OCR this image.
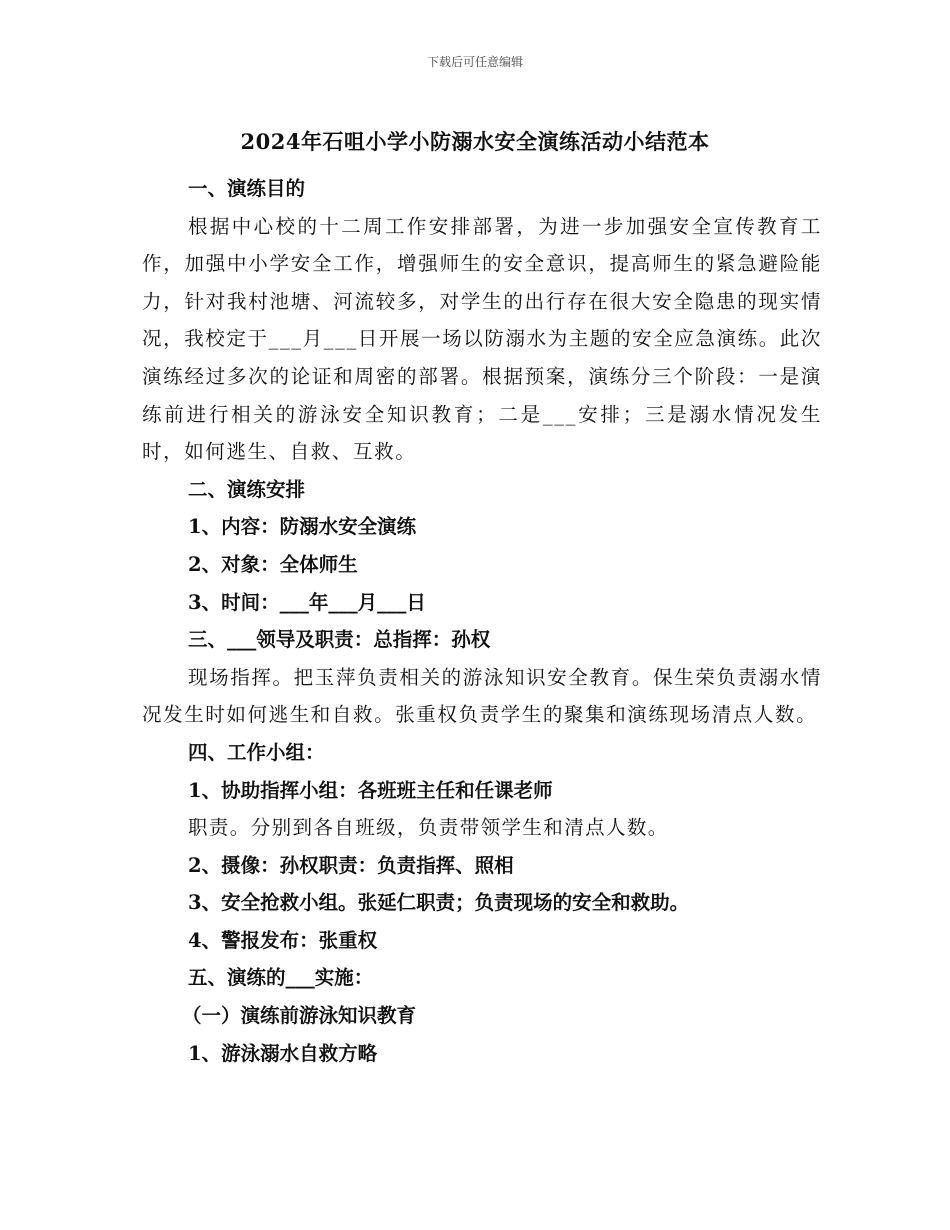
下载后可任意编辑
2024年石咀小学小防溺水安全演练活动小结范本

一、演练目的

根据中心校的十二周工作安排部署，为进一步加强安全宣传教育工作，加强中小学安全工作，增强师生的安全意识，提高师生的紧急避险能力，针对我村池塘、河流较多，对学生的出行存在很大安全隐患的现实情况，我校定于___月___日开展一场以防溺水为主题的安全应急演练。此次演练经过多次的论证和周密的部署。根据预案，演练分三个阶段：一是演练前进行相关的游泳安全知识教育；二是___安排；三是溺水情况发生时，如何逃生、自救、互救。

二、演练安排

1、内容：防溺水安全演练

2、对象：全体师生

3、时间：___年___月___日

三、___领导及职责：总指挥：孙权

现场指挥。把玉萍负责相关的游泳知识安全教育。保生荣负责溺水情况发生时如何逃生和自救。张重权负责学生的聚集和演练现场清点人数。

四、工作小组：

1、协助指挥小组：各班班主任和任课老师

职责。分别到各自班级，负责带领学生和清点人数。

2、摄像：孙权职责：负责指挥、照相

3、安全抢救小组。张延仁职责；负责现场的安全和救助。

4、警报发布：张重权

五、演练的___实施：

（一）演练前游泳知识教育

1、游泳溺水自救方略
